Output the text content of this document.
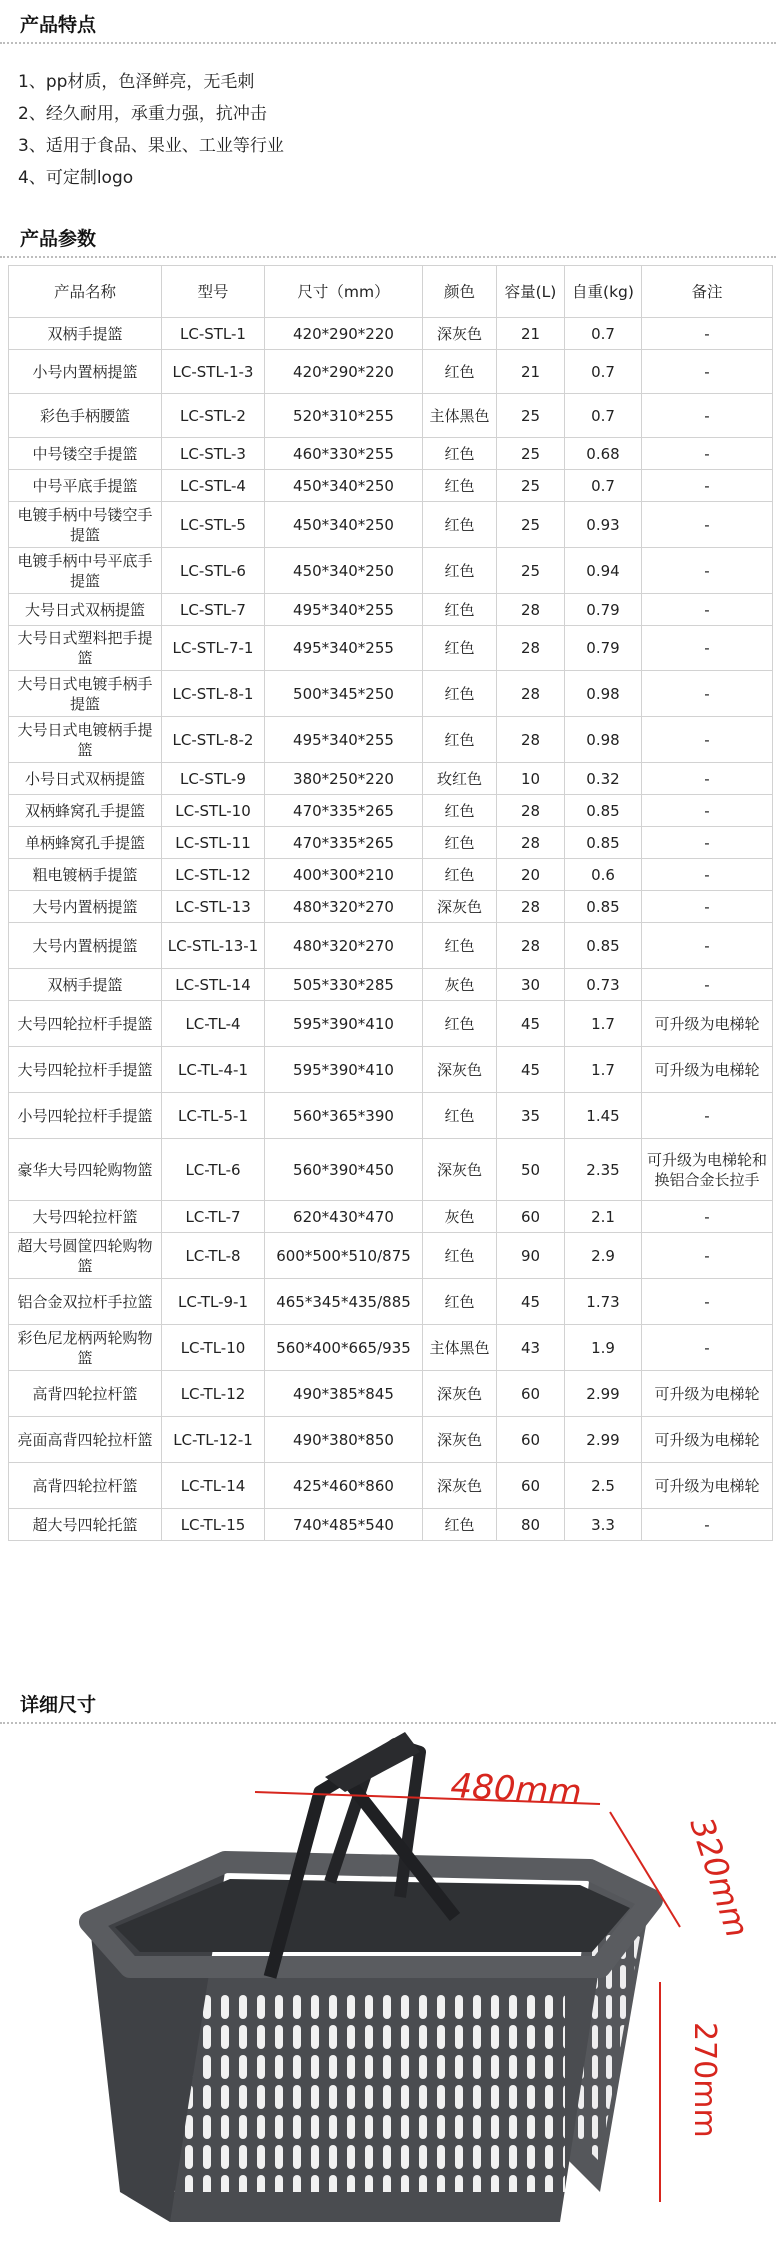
产品特点
1、pp材质，色泽鲜亮，无毛刺
2、经久耐用，承重力强，抗冲击
3、适用于食品、果业、工业等行业
4、可定制logo
产品参数
产品名称	型号	尺寸（mm）	颜色	容量(L)	自重(kg)	备注
双柄手提篮	LC-STL-1	420*290*220	深灰色	21	0.7	-
小号内置柄提篮	LC-STL-1-3	420*290*220	红色	21	0.7	-
彩色手柄腰篮	LC-STL-2	520*310*255	主体黑色	25	0.7	-
中号镂空手提篮	LC-STL-3	460*330*255	红色	25	0.68	-
中号平底手提篮	LC-STL-4	450*340*250	红色	25	0.7	-
电镀手柄中号镂空手提篮	LC-STL-5	450*340*250	红色	25	0.93	-
电镀手柄中号平底手提篮	LC-STL-6	450*340*250	红色	25	0.94	-
大号日式双柄提篮	LC-STL-7	495*340*255	红色	28	0.79	-
大号日式塑料把手提篮	LC-STL-7-1	495*340*255	红色	28	0.79	-
大号日式电镀手柄手提篮	LC-STL-8-1	500*345*250	红色	28	0.98	-
大号日式电镀柄手提篮	LC-STL-8-2	495*340*255	红色	28	0.98	-
小号日式双柄提篮	LC-STL-9	380*250*220	玫红色	10	0.32	-
双柄蜂窝孔手提篮	LC-STL-10	470*335*265	红色	28	0.85	-
单柄蜂窝孔手提篮	LC-STL-11	470*335*265	红色	28	0.85	-
粗电镀柄手提篮	LC-STL-12	400*300*210	红色	20	0.6	-
大号内置柄提篮	LC-STL-13	480*320*270	深灰色	28	0.85	-
大号内置柄提篮	LC-STL-13-1	480*320*270	红色	28	0.85	-
双柄手提篮	LC-STL-14	505*330*285	灰色	30	0.73	-
大号四轮拉杆手提篮	LC-TL-4	595*390*410	红色	45	1.7	可升级为电梯轮
大号四轮拉杆手提篮	LC-TL-4-1	595*390*410	深灰色	45	1.7	可升级为电梯轮
小号四轮拉杆手提篮	LC-TL-5-1	560*365*390	红色	35	1.45	-
豪华大号四轮购物篮	LC-TL-6	560*390*450	深灰色	50	2.35	可升级为电梯轮和换铝合金长拉手
大号四轮拉杆篮	LC-TL-7	620*430*470	灰色	60	2.1	-
超大号圆筐四轮购物篮	LC-TL-8	600*500*510/875	红色	90	2.9	-
铝合金双拉杆手拉篮	LC-TL-9-1	465*345*435/885	红色	45	1.73	-
彩色尼龙柄两轮购物篮	LC-TL-10	560*400*665/935	主体黑色	43	1.9	-
高背四轮拉杆篮	LC-TL-12	490*385*845	深灰色	60	2.99	可升级为电梯轮
亮面高背四轮拉杆篮	LC-TL-12-1	490*380*850	深灰色	60	2.99	可升级为电梯轮
高背四轮拉杆篮	LC-TL-14	425*460*860	深灰色	60	2.5	可升级为电梯轮
超大号四轮托篮	LC-TL-15	740*485*540	红色	80	3.3	-
详细尺寸
480mm
320mm
270mm
